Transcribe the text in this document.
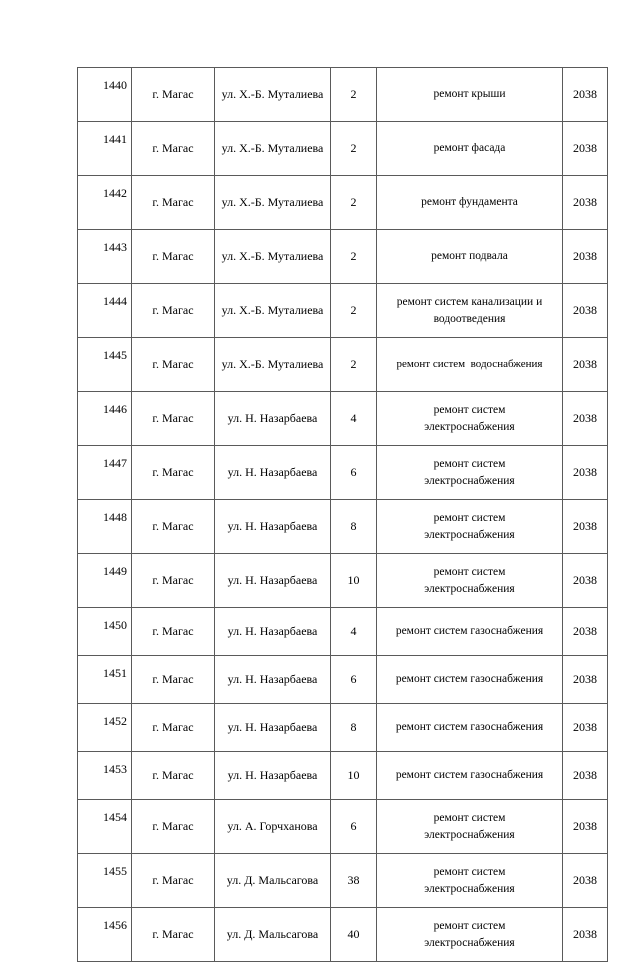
1440	г. Магас	ул. Х.-Б. Муталиева	2	ремонт крыши	2038
1441	г. Магас	ул. Х.-Б. Муталиева	2	ремонт фасада	2038
1442	г. Магас	ул. Х.-Б. Муталиева	2	ремонт фундамента	2038
1443	г. Магас	ул. Х.-Б. Муталиева	2	ремонт подвала	2038
1444	г. Магас	ул. Х.-Б. Муталиева	2	ремонт систем канализации и водоотведения	2038
1445	г. Магас	ул. Х.-Б. Муталиева	2	ремонт систем  водоснабжения	2038
1446	г. Магас	ул. Н. Назарбаева	4	ремонт систем электроснабжения	2038
1447	г. Магас	ул. Н. Назарбаева	6	ремонт систем электроснабжения	2038
1448	г. Магас	ул. Н. Назарбаева	8	ремонт систем электроснабжения	2038
1449	г. Магас	ул. Н. Назарбаева	10	ремонт систем электроснабжения	2038
1450	г. Магас	ул. Н. Назарбаева	4	ремонт систем газоснабжения	2038
1451	г. Магас	ул. Н. Назарбаева	6	ремонт систем газоснабжения	2038
1452	г. Магас	ул. Н. Назарбаева	8	ремонт систем газоснабжения	2038
1453	г. Магас	ул. Н. Назарбаева	10	ремонт систем газоснабжения	2038
1454	г. Магас	ул. А. Горчханова	6	ремонт систем электроснабжения	2038
1455	г. Магас	ул. Д. Мальсагова	38	ремонт систем электроснабжения	2038
1456	г. Магас	ул. Д. Мальсагова	40	ремонт систем электроснабжения	2038
